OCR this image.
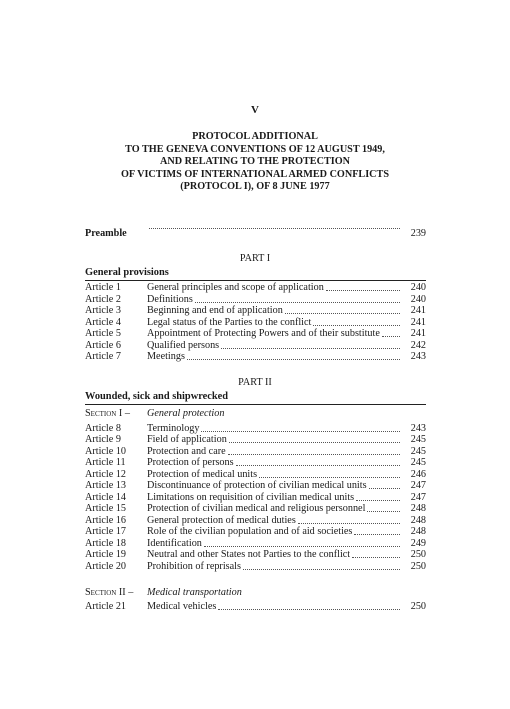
V
PROTOCOL ADDITIONAL
TO THE GENEVA CONVENTIONS OF 12 AUGUST 1949,
AND RELATING TO THE PROTECTION
OF VICTIMS OF INTERNATIONAL ARMED CONFLICTS
(PROTOCOL I), OF 8 JUNE 1977
Preamble	239
PART I
General provisions
Article 1	General principles and scope of application	240
Article 2	Definitions	240
Article 3	Beginning and end of application	241
Article 4	Legal status of the Parties to the conflict	241
Article 5	Appointment of Protecting Powers and of their substitute	241
Article 6	Qualified persons	242
Article 7	Meetings	243
PART II
Wounded, sick and shipwrecked
Section I – General protection
Article 8	Terminology	243
Article 9	Field of application	245
Article 10 Protection and care	245
Article 11 Protection of persons	245
Article 12 Protection of medical units	246
Article 13 Discontinuance of protection of civilian medical units	247
Article 14 Limitations on requisition of civilian medical units	247
Article 15 Protection of civilian medical and religious personnel	248
Article 16 General protection of medical duties	248
Article 17 Role of the civilian population and of aid societies	248
Article 18 Identification	249
Article 19 Neutral and other States not Parties to the conflict	250
Article 20 Prohibition of reprisals	250
Section II – Medical transportation
Article 21 Medical vehicles	250
